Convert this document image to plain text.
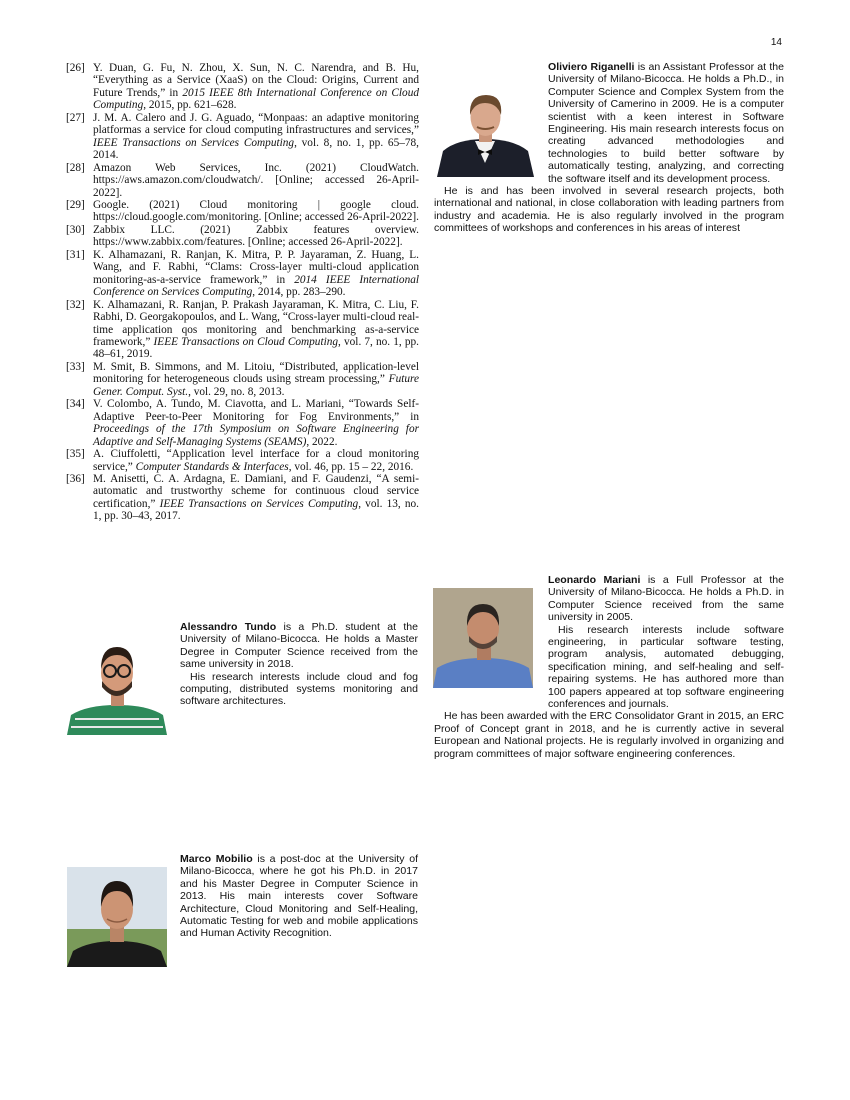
14
[26] Y. Duan, G. Fu, N. Zhou, X. Sun, N. C. Narendra, and B. Hu, “Everything as a Service (XaaS) on the Cloud: Origins, Current and Future Trends,” in 2015 IEEE 8th International Conference on Cloud Computing, 2015, pp. 621–628.
[27] J. M. A. Calero and J. G. Aguado, “Monpaas: an adaptive monitoring platformas a service for cloud computing infrastructures and services,” IEEE Transactions on Services Computing, vol. 8, no. 1, pp. 65–78, 2014.
[28] Amazon Web Services, Inc. (2021) CloudWatch. https://aws.amazon.com/cloudwatch/. [Online; accessed 26-April-2022].
[29] Google. (2021) Cloud monitoring | google cloud. https://cloud.google.com/monitoring. [Online; accessed 26-April-2022].
[30] Zabbix LLC. (2021) Zabbix features overview. https://www.zabbix.com/features. [Online; accessed 26-April-2022].
[31] K. Alhamazani, R. Ranjan, K. Mitra, P. P. Jayaraman, Z. Huang, L. Wang, and F. Rabhi, “Clams: Cross-layer multi-cloud application monitoring-as-a-service framework,” in 2014 IEEE International Conference on Services Computing, 2014, pp. 283–290.
[32] K. Alhamazani, R. Ranjan, P. Prakash Jayaraman, K. Mitra, C. Liu, F. Rabhi, D. Georgakopoulos, and L. Wang, “Cross-layer multi-cloud real-time application qos monitoring and benchmarking as-a-service framework,” IEEE Transactions on Cloud Computing, vol. 7, no. 1, pp. 48–61, 2019.
[33] M. Smit, B. Simmons, and M. Litoiu, “Distributed, application-level monitoring for heterogeneous clouds using stream processing,” Future Gener. Comput. Syst., vol. 29, no. 8, 2013.
[34] V. Colombo, A. Tundo, M. Ciavotta, and L. Mariani, “Towards Self-Adaptive Peer-to-Peer Monitoring for Fog Environments,” in Proceedings of the 17th Symposium on Software Engineering for Adaptive and Self-Managing Systems (SEAMS), 2022.
[35] A. Ciuffoletti, “Application level interface for a cloud monitoring service,” Computer Standards & Interfaces, vol. 46, pp. 15 – 22, 2016.
[36] M. Anisetti, C. A. Ardagna, E. Damiani, and F. Gaudenzi, “A semi-automatic and trustworthy scheme for continuous cloud service certification,” IEEE Transactions on Services Computing, vol. 13, no. 1, pp. 30–43, 2017.

Oliviero Riganelli is an Assistant Professor at the University of Milano-Bicocca. He holds a Ph.D., in Computer Science and Complex System from the University of Camerino in 2009. He is a computer scientist with a keen interest in Software Engineering. His main research interests focus on creating advanced methodologies and technologies to build better software by automatically testing, analyzing, and correcting the software itself and its development process.

He is and has been involved in several research projects, both international and national, in close collaboration with leading partners from industry and academia. He is also regularly involved in the program committees of workshops and conferences in his areas of interest

Leonardo Mariani is a Full Professor at the University of Milano-Bicocca. He holds a Ph.D. in Computer Science received from the same university in 2005.

His research interests include software engineering, in particular software testing, program analysis, automated debugging, specification mining, and self-healing and self-repairing systems. He has authored more than 100 papers appeared at top software engineering conferences and journals.

He has been awarded with the ERC Consolidator Grant in 2015, an ERC Proof of Concept grant in 2018, and he is currently active in several European and National projects. He is regularly involved in organizing and program committees of major software engineering conferences.

Alessandro Tundo is a Ph.D. student at the University of Milano-Bicocca. He holds a Master Degree in Computer Science received from the same university in 2018.

His research interests include cloud and fog computing, distributed systems monitoring and software architectures.

Marco Mobilio is a post-doc at the University of Milano-Bicocca, where he got his Ph.D. in 2017 and his Master Degree in Computer Science in 2013. His main interests cover Software Architecture, Cloud Monitoring and Self-Healing, Automatic Testing for web and mobile applications and Human Activity Recognition.
